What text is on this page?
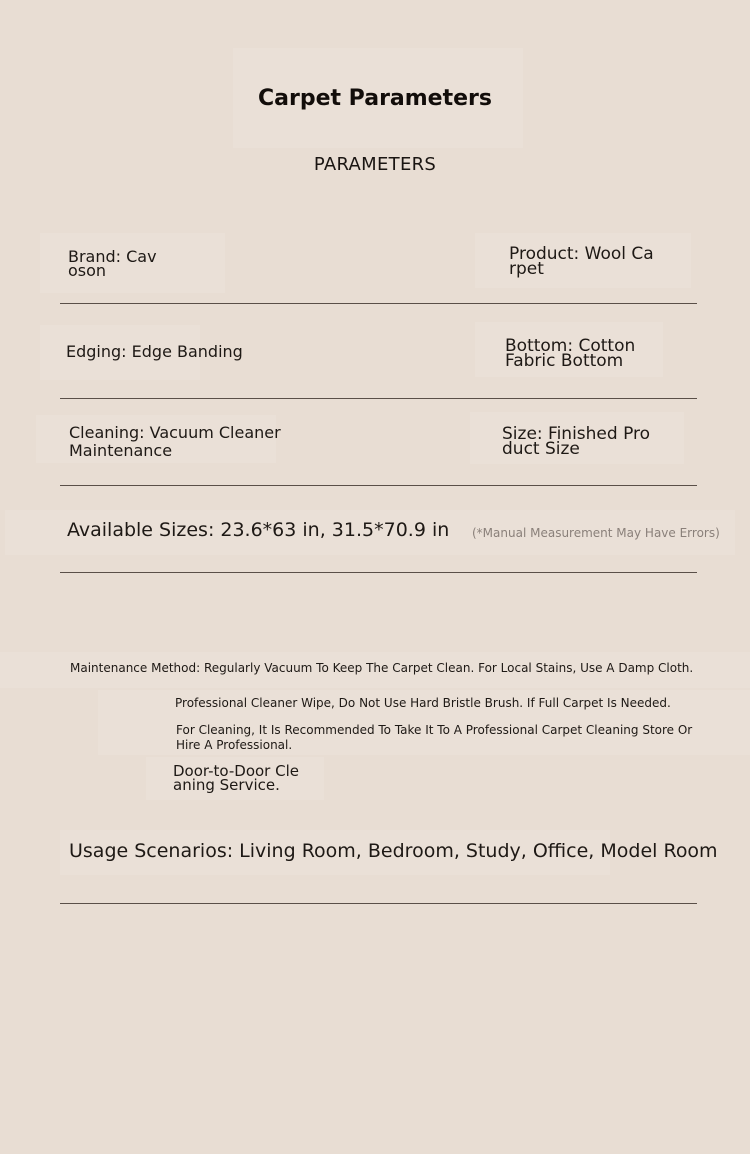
Carpet Parameters
PARAMETERS
Brand: Cav
oson
Product: Wool Ca
rpet
Edging: Edge Banding	Bottom: Cotton
Fabric Bottom
Cleaning: Vacuum Cleaner
Maintenance
Size: Finished Pro
duct Size
Available Sizes: 23.6*63 in, 31.5*70.9 in (*Manual Measurement May Have Errors)
Maintenance Method: Regularly Vacuum To Keep The Carpet Clean. For Local Stains, Use A Damp Cloth.
Professional Cleaner Wipe, Do Not Use Hard Bristle Brush. If Full Carpet Is Needed.
For Cleaning, It Is Recommended To Take It To A Professional Carpet Cleaning Store Or
Hire A Professional.
Door-to-Door Cle
aning Service.
Usage Scenarios: Living Room, Bedroom, Study, Office, Model Room
